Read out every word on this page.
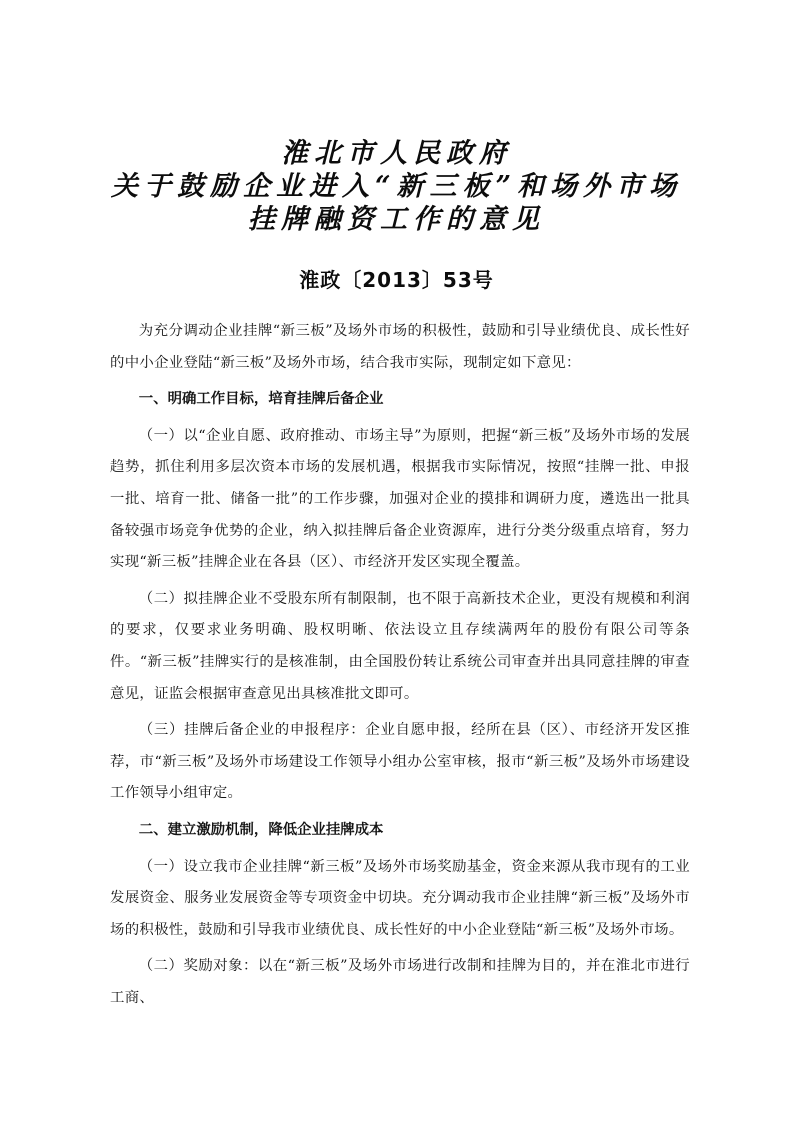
淮北市人民政府
关于鼓励企业进入“新三板”和场外市场
挂牌融资工作的意见
淮政〔2013〕53号

为充分调动企业挂牌“新三板”及场外市场的积极性，鼓励和引导业绩优良、成长性好的中小企业登陆“新三板”及场外市场，结合我市实际，现制定如下意见：

一、明确工作目标，培育挂牌后备企业

（一）以“企业自愿、政府推动、市场主导”为原则，把握“新三板”及场外市场的发展趋势，抓住利用多层次资本市场的发展机遇，根据我市实际情况，按照“挂牌一批、申报一批、培育一批、储备一批”的工作步骤，加强对企业的摸排和调研力度，遴选出一批具备较强市场竞争优势的企业，纳入拟挂牌后备企业资源库，进行分类分级重点培育，努力实现“新三板”挂牌企业在各县（区）、市经济开发区实现全覆盖。

（二）拟挂牌企业不受股东所有制限制，也不限于高新技术企业，更没有规模和利润的要求，仅要求业务明确、股权明晰、依法设立且存续满两年的股份有限公司等条件。“新三板”挂牌实行的是核准制，由全国股份转让系统公司审查并出具同意挂牌的审查意见，证监会根据审查意见出具核准批文即可。

（三）挂牌后备企业的申报程序：企业自愿申报，经所在县（区）、市经济开发区推荐，市“新三板”及场外市场建设工作领导小组办公室审核，报市“新三板”及场外市场建设工作领导小组审定。

二、建立激励机制，降低企业挂牌成本

（一）设立我市企业挂牌“新三板”及场外市场奖励基金，资金来源从我市现有的工业发展资金、服务业发展资金等专项资金中切块。充分调动我市企业挂牌“新三板”及场外市场的积极性，鼓励和引导我市业绩优良、成长性好的中小企业登陆“新三板”及场外市场。

（二）奖励对象：以在“新三板”及场外市场进行改制和挂牌为目的，并在淮北市进行工商、
